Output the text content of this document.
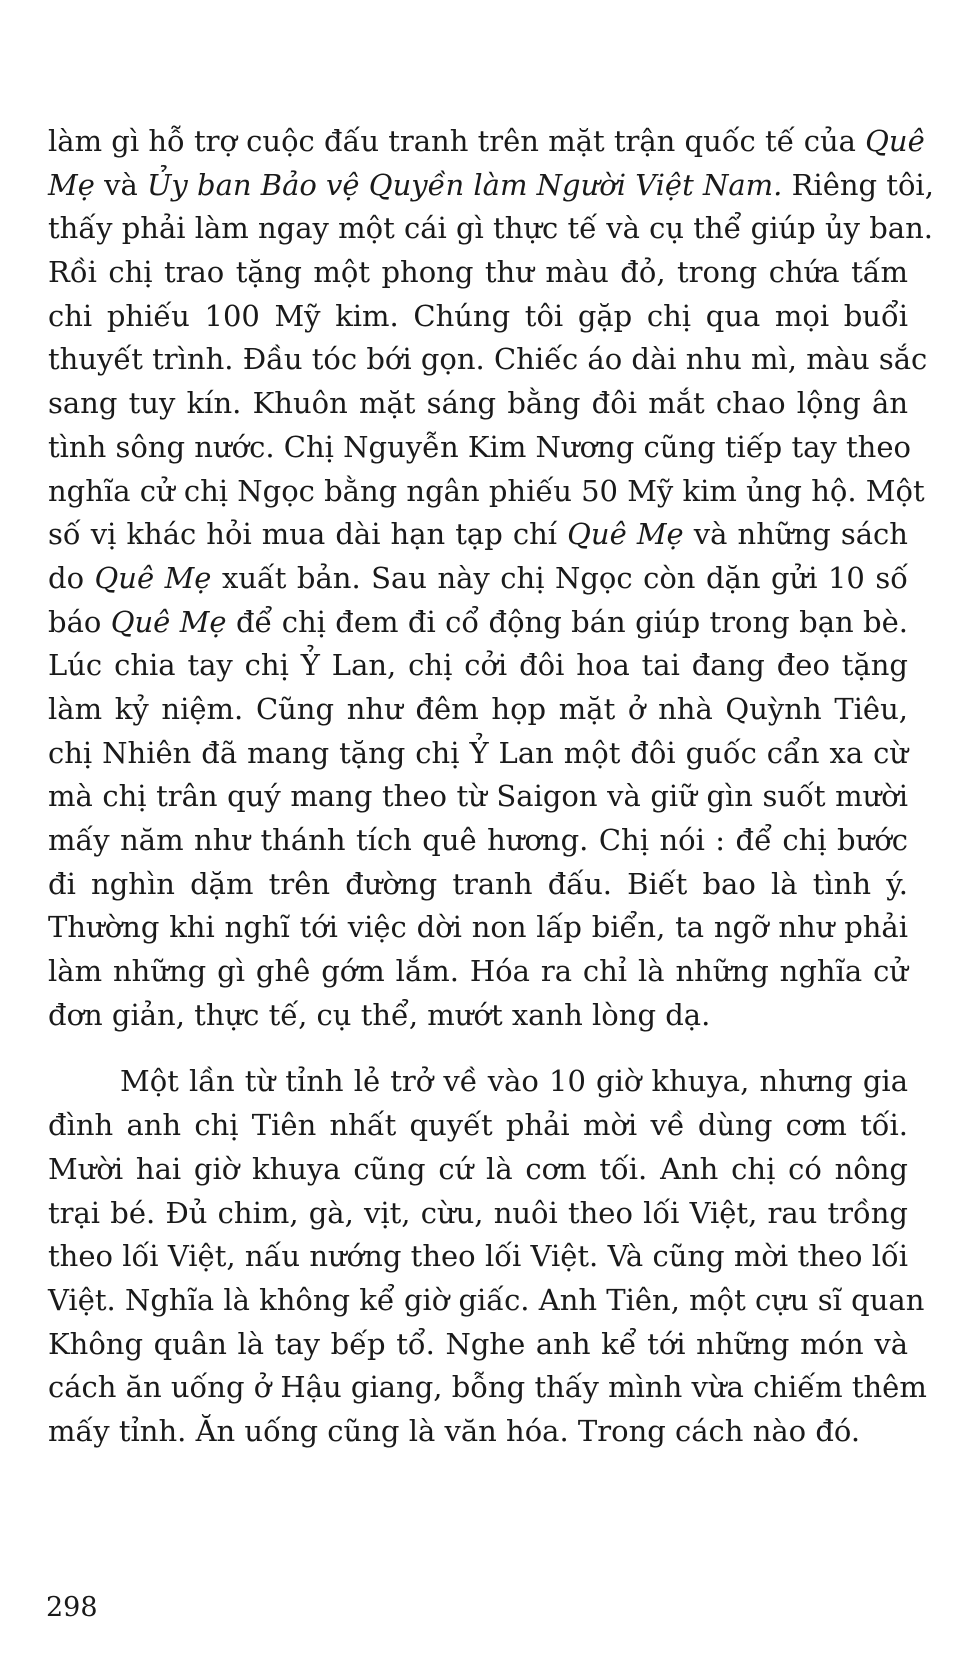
làm gì hỗ trợ cuộc đấu tranh trên mặt trận quốc tế của Quê
Mẹ và Ủy ban Bảo vệ Quyền làm Người Việt Nam. Riêng tôi,
thấy phải làm ngay một cái gì thực tế và cụ thể giúp ủy ban.
Rồi chị trao tặng một phong thư màu đỏ, trong chứa tấm
chi phiếu 100 Mỹ kim. Chúng tôi gặp chị qua mọi buổi
thuyết trình. Đầu tóc bới gọn. Chiếc áo dài nhu mì, màu sắc
sang tuy kín. Khuôn mặt sáng bằng đôi mắt chao lộng ân
tình sông nước. Chị Nguyễn Kim Nương cũng tiếp tay theo
nghĩa cử chị Ngọc bằng ngân phiếu 50 Mỹ kim ủng hộ. Một
số vị khác hỏi mua dài hạn tạp chí Quê Mẹ và những sách
do Quê Mẹ xuất bản. Sau này chị Ngọc còn dặn gửi 10 số
báo Quê Mẹ để chị đem đi cổ động bán giúp trong bạn bè.
Lúc chia tay chị Ỷ Lan, chị cởi đôi hoa tai đang đeo tặng
làm kỷ niệm. Cũng như đêm họp mặt ở nhà Quỳnh Tiêu,
chị Nhiên đã mang tặng chị Ỷ Lan một đôi guốc cẩn xa cừ
mà chị trân quý mang theo từ Saigon và giữ gìn suốt mười
mấy năm như thánh tích quê hương. Chị nói : để chị bước
đi nghìn dặm trên đường tranh đấu. Biết bao là tình ý.
Thường khi nghĩ tới việc dời non lấp biển, ta ngỡ như phải
làm những gì ghê gớm lắm. Hóa ra chỉ là những nghĩa cử
đơn giản, thực tế, cụ thể, mướt xanh lòng dạ.
Một lần từ tỉnh lẻ trở về vào 10 giờ khuya, nhưng gia
đình anh chị Tiên nhất quyết phải mời về dùng cơm tối.
Mười hai giờ khuya cũng cứ là cơm tối. Anh chị có nông
trại bé. Đủ chim, gà, vịt, cừu, nuôi theo lối Việt, rau trồng
theo lối Việt, nấu nướng theo lối Việt. Và cũng mời theo lối
Việt. Nghĩa là không kể giờ giấc. Anh Tiên, một cựu sĩ quan
Không quân là tay bếp tổ. Nghe anh kể tới những món và
cách ăn uống ở Hậu giang, bỗng thấy mình vừa chiếm thêm
mấy tỉnh. Ăn uống cũng là văn hóa. Trong cách nào đó.
298
